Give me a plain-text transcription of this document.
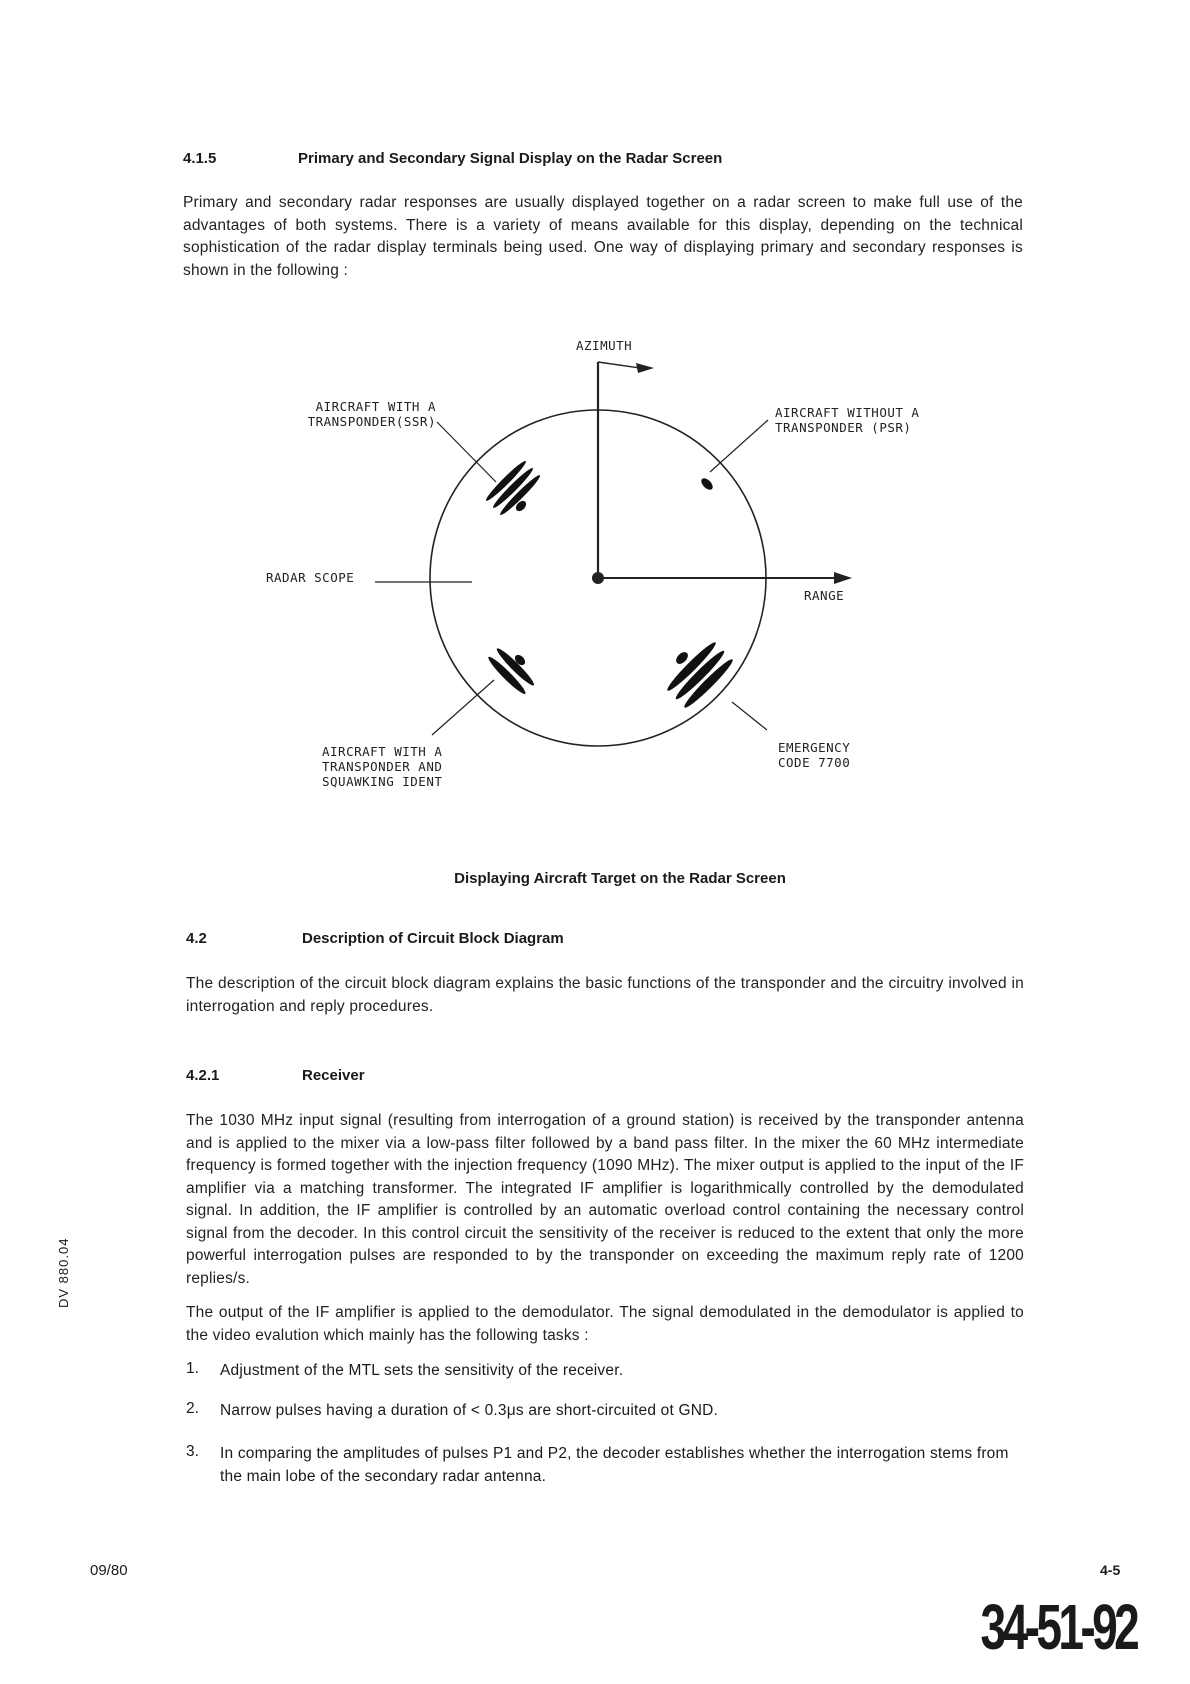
4.1.5	Primary and Secondary Signal Display on the Radar Screen
Primary and secondary radar responses are usually displayed together on a radar screen to make full use of the advantages of both systems. There is a variety of means available for this display, depending on the technical sophistication of the radar display terminals being used. One way of displaying primary and secondary responses is shown in the following :
AZIMUTH
AIRCRAFT WITH A
TRANSPONDER(SSR)
AIRCRAFT WITHOUT A
TRANSPONDER (PSR)
RADAR SCOPE
RANGE
AIRCRAFT WITH A
TRANSPONDER AND
SQUAWKING IDENT
EMERGENCY
CODE 7700
Displaying Aircraft Target on the Radar Screen
4.2	Description of Circuit Block Diagram
The description of the circuit block diagram explains the basic functions of the transponder and the circuitry involved in interrogation and reply procedures.
4.2.1	Receiver
The 1030 MHz input signal (resulting from interrogation of a ground station) is received by the transponder antenna and is applied to the mixer via a low-pass filter followed by a band pass filter. In the mixer the 60 MHz intermediate frequency is formed together with the injection frequency (1090 MHz). The mixer output is applied to the input of the IF amplifier via a matching transformer. The integrated IF amplifier is logarithmically controlled by the demodulated signal. In addition, the IF amplifier is controlled by an automatic overload control containing the necessary control signal from the decoder. In this control circuit the sensitivity of the receiver is reduced to the extent that only the more powerful interrogation pulses are responded to by the transponder on exceeding the maximum reply rate of 1200 replies/s.
The output of the IF amplifier is applied to the demodulator. The signal demodulated in the demodulator is applied to the video evalution which mainly has the following tasks :
1. Adjustment of the MTL sets the sensitivity of the receiver.
2. Narrow pulses having a duration of < 0.3μs are short-circuited ot GND.
3. In comparing the amplitudes of pulses P1 and P2, the decoder establishes whether the interrogation stems from the main lobe of the secondary radar antenna.
DV 880.04
09/80	4-5
34-51-92
